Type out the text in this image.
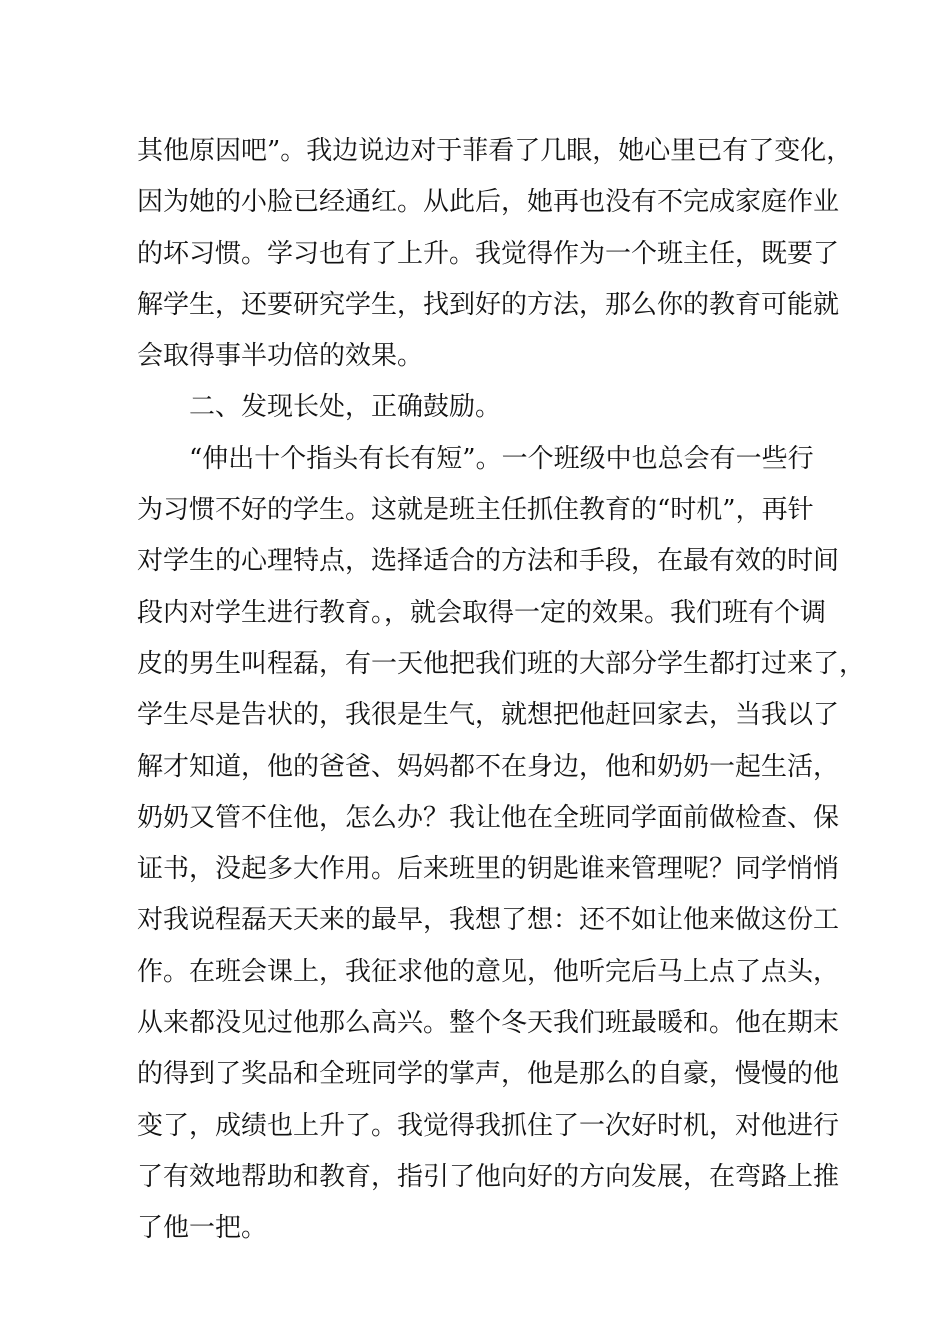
其他原因吧”。我边说边对于菲看了几眼，她心里已有了变化，
因为她的小脸已经通红。从此后，她再也没有不完成家庭作业
的坏习惯。学习也有了上升。我觉得作为一个班主任，既要了
解学生，还要研究学生，找到好的方法，那么你的教育可能就
会取得事半功倍的效果。
二、发现长处，正确鼓励。
“伸出十个指头有长有短”。一个班级中也总会有一些行
为习惯不好的学生。这就是班主任抓住教育的“时机”，再针
对学生的心理特点，选择适合的方法和手段，在最有效的时间
段内对学生进行教育。，就会取得一定的效果。我们班有个调
皮的男生叫程磊，有一天他把我们班的大部分学生都打过来了，
学生尽是告状的，我很是生气，就想把他赶回家去，当我以了
解才知道，他的爸爸、妈妈都不在身边，他和奶奶一起生活，
奶奶又管不住他，怎么办？我让他在全班同学面前做检查、保
证书，没起多大作用。后来班里的钥匙谁来管理呢？同学悄悄
对我说程磊天天来的最早，我想了想：还不如让他来做这份工
作。在班会课上，我征求他的意见，他听完后马上点了点头，
从来都没见过他那么高兴。整个冬天我们班最暖和。他在期末
的得到了奖品和全班同学的掌声，他是那么的自豪，慢慢的他
变了，成绩也上升了。我觉得我抓住了一次好时机，对他进行
了有效地帮助和教育，指引了他向好的方向发展，在弯路上推
了他一把。
